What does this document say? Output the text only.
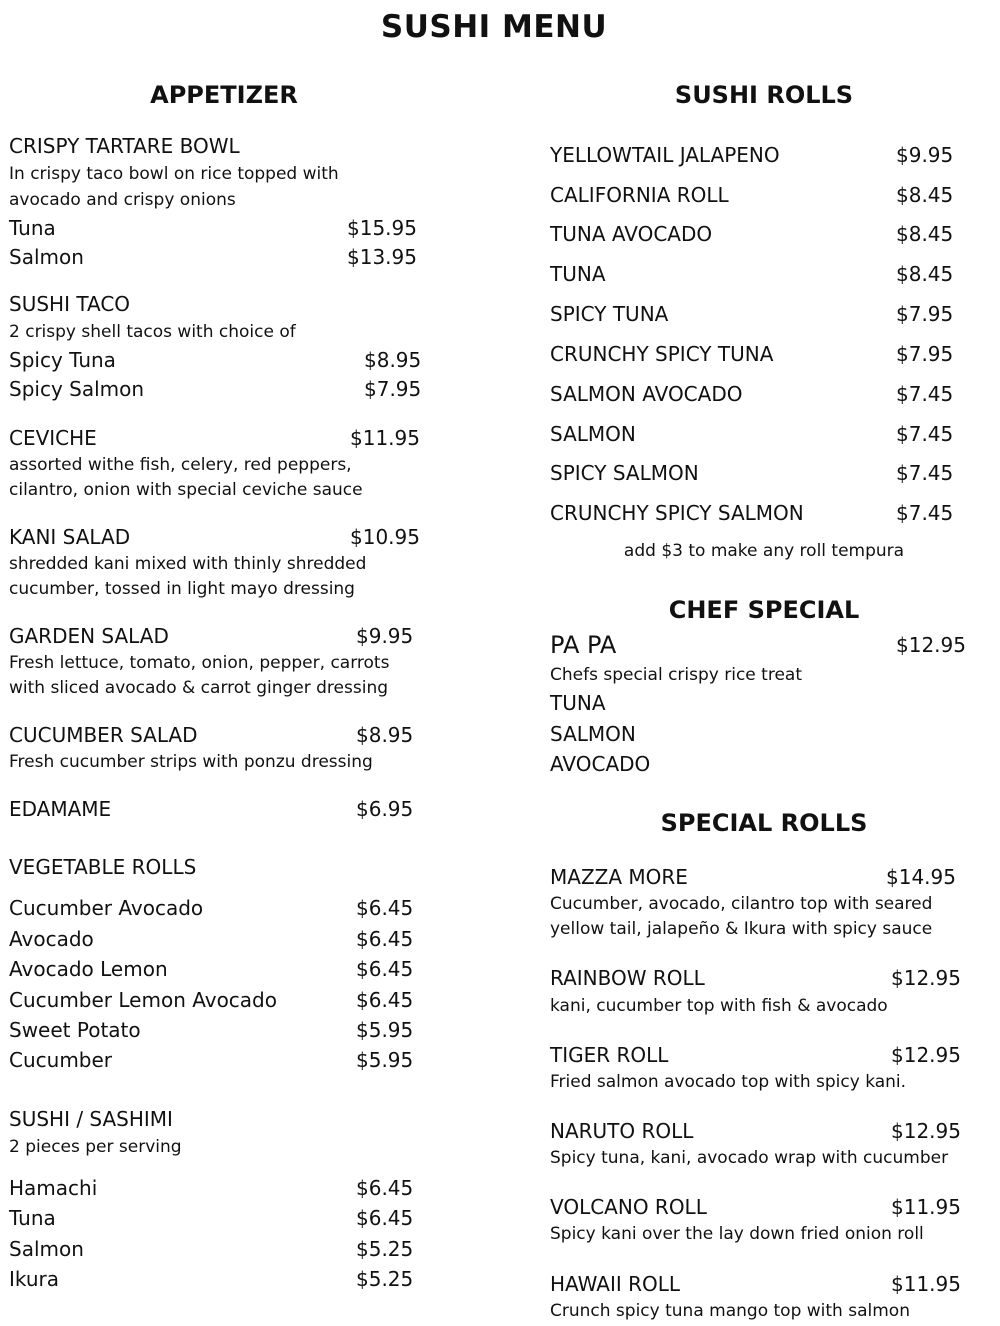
SUSHI MENU
APPETIZER
CRISPY TARTARE BOWL
In crispy taco bowl on rice topped with
avocado and crispy onions
Tuna	$15.95
Salmon	$13.95
SUSHI TACO
2 crispy shell tacos with choice of
Spicy Tuna	$8.95
Spicy Salmon	$7.95
CEVICHE	$11.95
assorted withe fish, celery, red peppers,
cilantro, onion with special ceviche sauce
KANI SALAD	$10.95
shredded kani mixed with thinly shredded
cucumber, tossed in light mayo dressing
GARDEN SALAD	$9.95
Fresh lettuce, tomato, onion, pepper, carrots
with sliced avocado & carrot ginger dressing
CUCUMBER SALAD	$8.95
Fresh cucumber strips with ponzu dressing
EDAMAME	$6.95
VEGETABLE ROLLS
Cucumber Avocado	$6.45
Avocado	$6.45
Avocado Lemon	$6.45
Cucumber Lemon Avocado	$6.45
Sweet Potato	$5.95
Cucumber	$5.95
SUSHI / SASHIMI
2 pieces per serving
Hamachi	$6.45
Tuna	$6.45
Salmon	$5.25
Ikura	$5.25
SUSHI ROLLS
YELLOWTAIL JALAPENO	$9.95
CALIFORNIA ROLL	$8.45
TUNA AVOCADO	$8.45
TUNA	$8.45
SPICY TUNA	$7.95
CRUNCHY SPICY TUNA	$7.95
SALMON AVOCADO	$7.45
SALMON	$7.45
SPICY SALMON	$7.45
CRUNCHY SPICY SALMON	$7.45
add $3 to make any roll tempura
CHEF SPECIAL
PA PA	$12.95
Chefs special crispy rice treat
TUNA
SALMON
AVOCADO
SPECIAL ROLLS
MAZZA MORE	$14.95
Cucumber, avocado, cilantro top with seared
yellow tail, jalapeño & Ikura with spicy sauce
RAINBOW ROLL	$12.95
kani, cucumber top with fish & avocado
TIGER ROLL	$12.95
Fried salmon avocado top with spicy kani.
NARUTO ROLL	$12.95
Spicy tuna, kani, avocado wrap with cucumber
VOLCANO ROLL	$11.95
Spicy kani over the lay down fried onion roll
HAWAII ROLL	$11.95
Crunch spicy tuna mango top with salmon
